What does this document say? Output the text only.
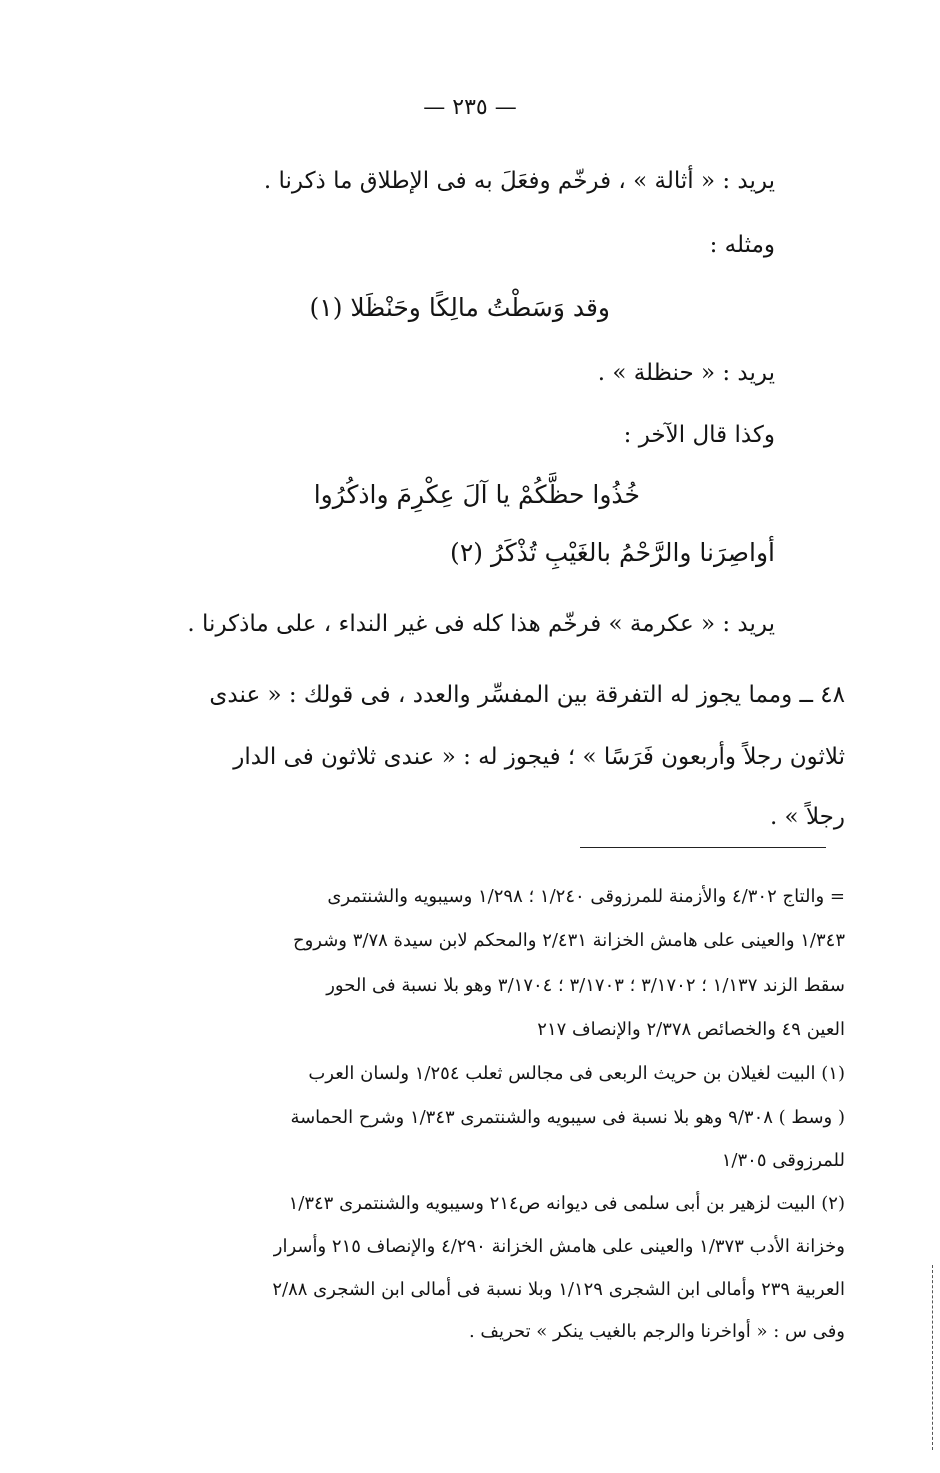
— ٢٣٥ —
يريد : « أثالة » ، فرخّم وفعَلَ به فى الإطلاق ما ذكرنا .
ومثله :
وقد وَسَطْتُ مالِكًا وحَنْظَلا (١)
يريد : « حنظلة » .
وكذا قال الآخر :
خُذُوا حظَّكُمْ يا آلَ عِكْرِمَ واذكُرُوا
أواصِرَنا والرَّحْمُ بالغَيْبِ تُذْكَرُ (٢)
يريد : « عكرمة » فرخّم هذا كله فى غير النداء ، على ماذكرنا .
٤٨ ــ ومما يجوز له التفرقة بين المفسِّر والعدد ، فى قولك : « عندى
ثلاثون رجلاً وأربعون فَرَسًا » ؛ فيجوز له : « عندى ثلاثون فى الدار
رجلاً » .
= والتاج ٤/٣٠٢ والأزمنة للمرزوقى ١/٢٤٠ ؛ ١/٢٩٨ وسيبويه والشنتمرى
١/٣٤٣ والعينى على هامش الخزانة ٢/٤٣١ والمحكم لابن سيدة ٣/٧٨ وشروح
سقط الزند ١/١٣٧ ؛ ٣/١٧٠٢ ؛ ٣/١٧٠٣ ؛ ٣/١٧٠٤ وهو بلا نسبة فى الحور
العين ٤٩ والخصائص ٢/٣٧٨ والإنصاف ٢١٧
(١) البيت لغيلان بن حريث الربعى فى مجالس ثعلب ١/٢٥٤ ولسان العرب
( وسط ) ٩/٣٠٨ وهو بلا نسبة فى سيبويه والشنتمرى ١/٣٤٣ وشرح الحماسة
للمرزوقى ١/٣٠٥
(٢) البيت لزهير بن أبى سلمى فى ديوانه ص٢١٤ وسيبويه والشنتمرى ١/٣٤٣
وخزانة الأدب ١/٣٧٣ والعينى على هامش الخزانة ٤/٢٩٠ والإنصاف ٢١٥ وأسرار
العربية ٢٣٩ وأمالى ابن الشجرى ١/١٢٩ وبلا نسبة فى أمالى ابن الشجرى ٢/٨٨
وفى س : « أواخرنا والرجم بالغيب ينكر » تحريف .
